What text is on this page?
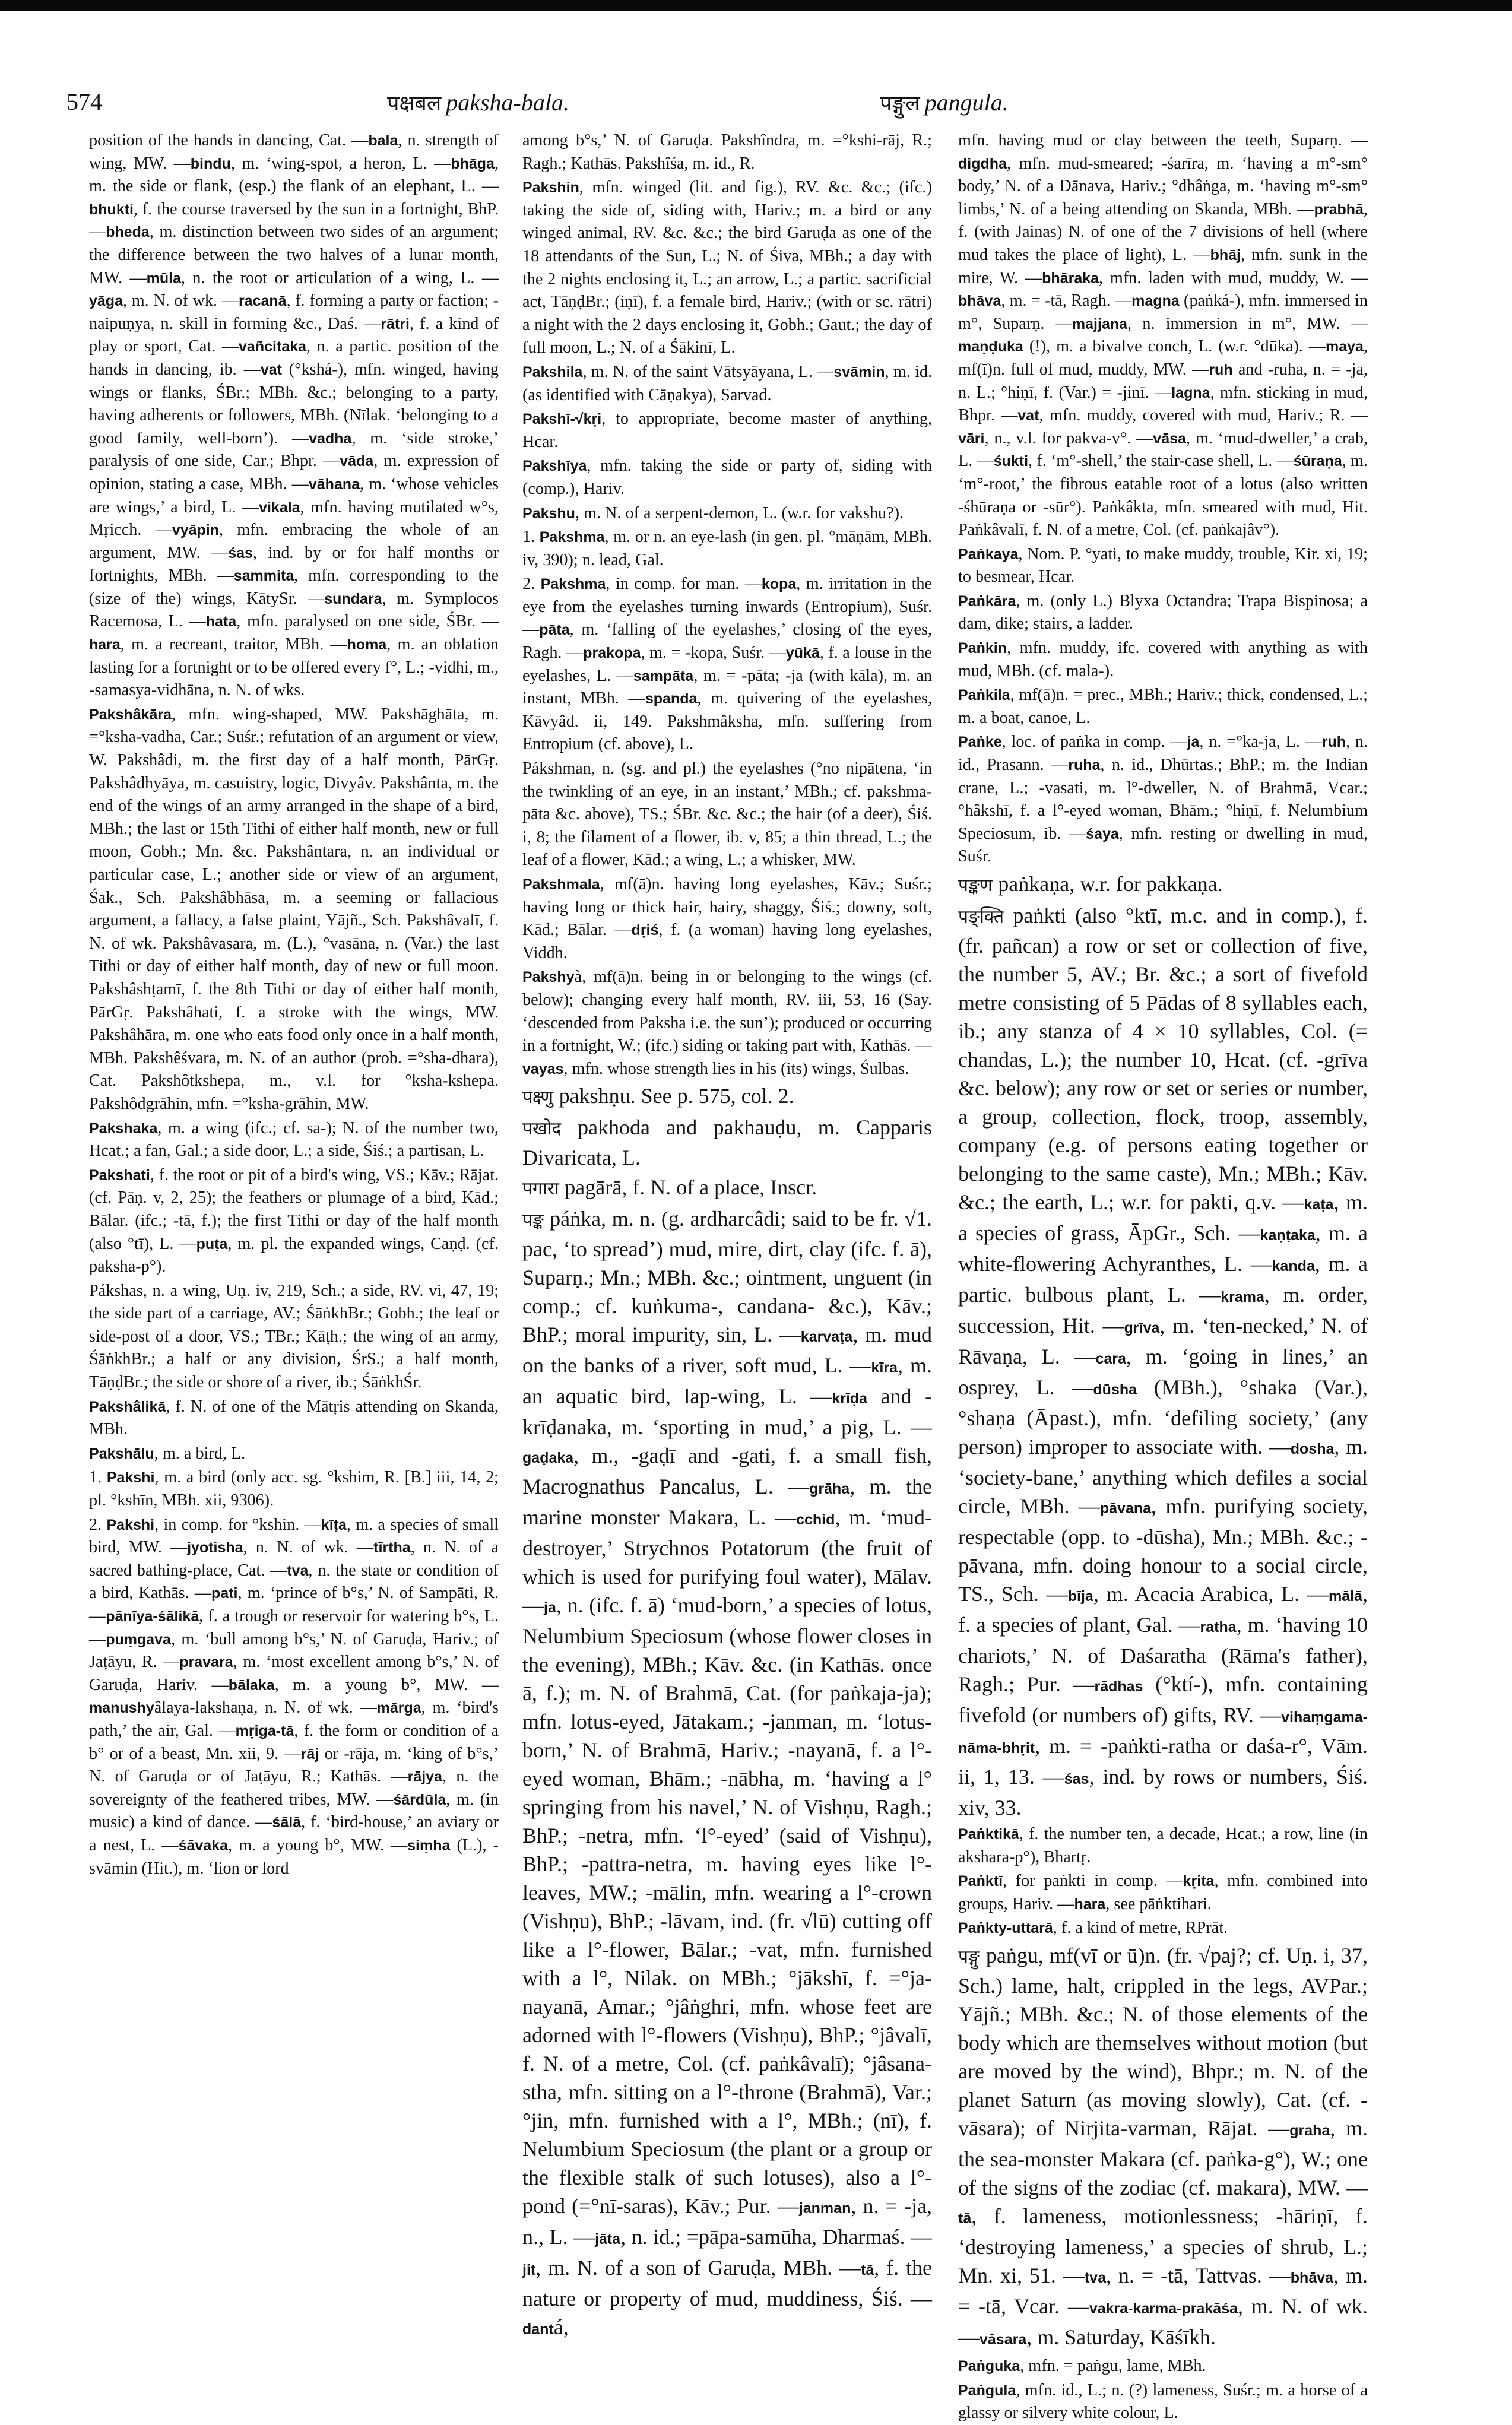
574	पक्षबल paksha-bala.	पङ्गुल pangula.

position of the hands in dancing, Cat. —bala, n. strength of wing, MW. —bindu, m. ‘wing-spot, a heron, L. —bhāga, m. the side or flank, (esp.) the flank of an elephant, L. —bhukti, f. the course traversed by the sun in a fortnight, BhP. —bheda, m. distinction between two sides of an argument; the difference between the two halves of a lunar month, MW. —mūla, n. the root or articulation of a wing, L. —yāga, m. N. of wk. —racanā, f. forming a party or faction; -naipuṇya, n. skill in forming &c., Daś. —rātri, f. a kind of play or sport, Cat. —vañcitaka, n. a partic. position of the hands in dancing, ib. —vat (°kshá-), mfn. winged, having wings or flanks, ŚBr.; MBh. &c.; belonging to a party, having adherents or followers, MBh. (Nīlak. ‘belonging to a good family, well-born’). —vadha, m. ‘side stroke,’ paralysis of one side, Car.; Bhpr. —vāda, m. expression of opinion, stating a case, MBh. —vāhana, m. ‘whose vehicles are wings,’ a bird, L. —vikala, mfn. having mutilated w°s, Mṛicch. —vyāpin, mfn. embracing the whole of an argument, MW. —śas, ind. by or for half months or fortnights, MBh. —sammita, mfn. corresponding to the (size of the) wings, KātySr. —sundara, m. Symplocos Racemosa, L. —hata, mfn. paralysed on one side, ŚBr. —hara, m. a recreant, traitor, MBh. —homa, m. an oblation lasting for a fortnight or to be offered every f°, L.; -vidhi, m., -samasya-vidhāna, n. N. of wks.

Pakshâkāra, mfn. wing-shaped, MW. Pakshāghāta, m. =°ksha-vadha, Car.; Suśr.; refutation of an argument or view, W. Pakshâdi, m. the first day of a half month, PārGṛ. Pakshâdhyāya, m. casuistry, logic, Divyâv. Pakshânta, m. the end of the wings of an army arranged in the shape of a bird, MBh.; the last or 15th Tithi of either half month, new or full moon, Gobh.; Mn. &c. Pakshântara, n. an individual or particular case, L.; another side or view of an argument, Śak., Sch. Pakshâbhāsa, m. a seeming or fallacious argument, a fallacy, a false plaint, Yājñ., Sch. Pakshâvalī, f. N. of wk. Pakshâvasara, m. (L.), °vasāna, n. (Var.) the last Tithi or day of either half month, day of new or full moon. Pakshâshṭamī, f. the 8th Tithi or day of either half month, PārGṛ. Pakshâhati, f. a stroke with the wings, MW. Pakshâhāra, m. one who eats food only once in a half month, MBh. Pakshêśvara, m. N. of an author (prob. =°sha-dhara), Cat. Pakshôtkshepa, m., v.l. for °ksha-kshepa. Pakshôdgrāhin, mfn. =°ksha-grāhin, MW.

Pakshaka, m. a wing (ifc.; cf. sa-); N. of the number two, Hcat.; a fan, Gal.; a side door, L.; a side, Śiś.; a partisan, L.

Pakshati, f. the root or pit of a bird's wing, VS.; Kāv.; Rājat. (cf. Pāṇ. v, 2, 25); the feathers or plumage of a bird, Kād.; Bālar. (ifc.; -tā, f.); the first Tithi or day of the half month (also °tī), L. —puṭa, m. pl. the expanded wings, Caṇḍ. (cf. paksha-p°).

Pákshas, n. a wing, Uṇ. iv, 219, Sch.; a side, RV. vi, 47, 19; the side part of a carriage, AV.; ŚāṅkhBr.; Gobh.; the leaf or side-post of a door, VS.; TBr.; Kāṭh.; the wing of an army, ŚāṅkhBr.; a half or any division, ŚrS.; a half month, TāṇḍBr.; the side or shore of a river, ib.; ŚāṅkhŚr.

Pakshâlikā, f. N. of one of the Mātṛis attending on Skanda, MBh.

Pakshālu, m. a bird, L.

1. Pakshi, m. a bird (only acc. sg. °kshim, R. [B.] iii, 14, 2; pl. °kshīn, MBh. xii, 9306).

2. Pakshi, in comp. for °kshin. —kīṭa, m. a species of small bird, MW. —jyotisha, n. N. of wk. —tīrtha, n. N. of a sacred bathing-place, Cat. —tva, n. the state or condition of a bird, Kathās. —pati, m. ‘prince of b°s,’ N. of Sampāti, R. —pānīya-śālikā, f. a trough or reservoir for watering b°s, L. —puṃgava, m. ‘bull among b°s,’ N. of Garuḍa, Hariv.; of Jaṭāyu, R. —pravara, m. ‘most excellent among b°s,’ N. of Garuḍa, Hariv. —bālaka, m. a young b°, MW. —manushyâlaya-lakshaṇa, n. N. of wk. —mārga, m. ‘bird's path,’ the air, Gal. —mṛiga-tā, f. the form or condition of a b° or of a beast, Mn. xii, 9. —rāj or -rāja, m. ‘king of b°s,’ N. of Garuḍa or of Jaṭāyu, R.; Kathās. —rājya, n. the sovereignty of the feathered tribes, MW. —śārdūla, m. (in music) a kind of dance. —śālā, f. ‘bird-house,’ an aviary or a nest, L. —śāvaka, m. a young b°, MW. —siṃha (L.), -svāmin (Hit.), m. ‘lion or lord

among b°s,’ N. of Garuḍa. Pakshîndra, m. =°kshi-rāj, R.; Ragh.; Kathās. Pakshîśa, m. id., R.

Pakshin, mfn. winged (lit. and fig.), RV. &c. &c.; (ifc.) taking the side of, siding with, Hariv.; m. a bird or any winged animal, RV. &c. &c.; the bird Garuḍa as one of the 18 attendants of the Sun, L.; N. of Śiva, MBh.; a day with the 2 nights enclosing it, L.; an arrow, L.; a partic. sacrificial act, TāṇḍBr.; (iṇī), f. a female bird, Hariv.; (with or sc. rātri) a night with the 2 days enclosing it, Gobh.; Gaut.; the day of full moon, L.; N. of a Śākinī, L.

Pakshila, m. N. of the saint Vātsyāyana, L. —svāmin, m. id. (as identified with Cāṇakya), Sarvad.

Pakshī-√kṛi, to appropriate, become master of anything, Hcar.

Pakshīya, mfn. taking the side or party of, siding with (comp.), Hariv.

Pakshu, m. N. of a serpent-demon, L. (w.r. for vakshu?).

1. Pakshma, m. or n. an eye-lash (in gen. pl. °māṇām, MBh. iv, 390); n. lead, Gal.

2. Pakshma, in comp. for man. —kopa, m. irritation in the eye from the eyelashes turning inwards (Entropium), Suśr. —pāta, m. ‘falling of the eyelashes,’ closing of the eyes, Ragh. —prakopa, m. = -kopa, Suśr. —yūkā, f. a louse in the eyelashes, L. —sampāta, m. = -pāta; -ja (with kāla), m. an instant, MBh. —spanda, m. quivering of the eyelashes, Kāvyâd. ii, 149. Pakshmâksha, mfn. suffering from Entropium (cf. above), L.

Pákshman, n. (sg. and pl.) the eyelashes (°no nipātena, ‘in the twinkling of an eye, in an instant,’ MBh.; cf. pakshma-pāta &c. above), TS.; ŚBr. &c. &c.; the hair (of a deer), Śiś. i, 8; the filament of a flower, ib. v, 85; a thin thread, L.; the leaf of a flower, Kād.; a wing, L.; a whisker, MW.

Pakshmala, mf(ā)n. having long eyelashes, Kāv.; Suśr.; having long or thick hair, hairy, shaggy, Śiś.; downy, soft, Kād.; Bālar. —dṛiś, f. (a woman) having long eyelashes, Viddh.

Pakshyà, mf(ā)n. being in or belonging to the wings (cf. below); changing every half month, RV. iii, 53, 16 (Say. ‘descended from Paksha i.e. the sun’); produced or occurring in a fortnight, W.; (ifc.) siding or taking part with, Kathās. —vayas, mfn. whose strength lies in his (its) wings, Śulbas.

पक्ष्णु pakshṇu. See p. 575, col. 2.

पखोद pakhoda and pakhauḍu, m. Capparis Divaricata, L.

पगारा pagārā, f. N. of a place, Inscr.

पङ्क páṅka, m. n. (g. ardharcâdi; said to be fr. √1. pac, ‘to spread’) mud, mire, dirt, clay (ifc. f. ā), Suparṇ.; Mn.; MBh. &c.; ointment, unguent (in comp.; cf. kuṅkuma-, candana- &c.), Kāv.; BhP.; moral impurity, sin, L. —karvaṭa, m. mud on the banks of a river, soft mud, L. —kīra, m. an aquatic bird, lap-wing, L. —krīḍa and -krīḍanaka, m. ‘sporting in mud,’ a pig, L. —gaḍaka, m., -gaḍī and -gati, f. a small fish, Macrognathus Pancalus, L. —grāha, m. the marine monster Makara, L. —cchid, m. ‘mud-destroyer,’ Strychnos Potatorum (the fruit of which is used for purifying foul water), Mālav. —ja, n. (ifc. f. ā) ‘mud-born,’ a species of lotus, Nelumbium Speciosum (whose flower closes in the evening), MBh.; Kāv. &c. (in Kathās. once ā, f.); m. N. of Brahmā, Cat. (for paṅkaja-ja); mfn. lotus-eyed, Jātakam.; -janman, m. ‘lotus-born,’ N. of Brahmā, Hariv.; -nayanā, f. a l°-eyed woman, Bhām.; -nābha, m. ‘having a l° springing from his navel,’ N. of Vishṇu, Ragh.; BhP.; -netra, mfn. ‘l°-eyed’ (said of Vishṇu), BhP.; -pattra-netra, m. having eyes like l°-leaves, MW.; -mālin, mfn. wearing a l°-crown (Vishṇu), BhP.; -lāvam, ind. (fr. √lū) cutting off like a l°-flower, Bālar.; -vat, mfn. furnished with a l°, Nilak. on MBh.; °jākshī, f. =°ja-nayanā, Amar.; °jâṅghri, mfn. whose feet are adorned with l°-flowers (Vishṇu), BhP.; °jâvalī, f. N. of a metre, Col. (cf. paṅkâvalī); °jâsana-stha, mfn. sitting on a l°-throne (Brahmā), Var.; °jin, mfn. furnished with a l°, MBh.; (nī), f. Nelumbium Speciosum (the plant or a group or the flexible stalk of such lotuses), also a l°-pond (=°nī-saras), Kāv.; Pur. —janman, n. = -ja, n., L. —jāta, n. id.; =pāpa-samūha, Dharmaś. —jit, m. N. of a son of Garuḍa, MBh. —tā, f. the nature or property of mud, muddiness, Śiś. —dantá,

mfn. having mud or clay between the teeth, Suparṇ. —digdha, mfn. mud-smeared; -śarīra, m. ‘having a m°-sm° body,’ N. of a Dānava, Hariv.; °dhâṅga, m. ‘having m°-sm° limbs,’ N. of a being attending on Skanda, MBh. —prabhā, f. (with Jainas) N. of one of the 7 divisions of hell (where mud takes the place of light), L. —bhāj, mfn. sunk in the mire, W. —bhāraka, mfn. laden with mud, muddy, W. —bhāva, m. = -tā, Ragh. —magna (paṅká-), mfn. immersed in m°, Suparṇ. —majjana, n. immersion in m°, MW. —maṇḍuka (!), m. a bivalve conch, L. (w.r. °dūka). —maya, mf(ī)n. full of mud, muddy, MW. —ruh and -ruha, n. = -ja, n. L.; °hiṇī, f. (Var.) = -jinī. —lagna, mfn. sticking in mud, Bhpr. —vat, mfn. muddy, covered with mud, Hariv.; R. —vāri, n., v.l. for pakva-v°. —vāsa, m. ‘mud-dweller,’ a crab, L. —śukti, f. ‘m°-shell,’ the stair-case shell, L. —śūraṇa, m. ‘m°-root,’ the fibrous eatable root of a lotus (also written -śhūraṇa or -sūr°). Paṅkâkta, mfn. smeared with mud, Hit. Paṅkâvalī, f. N. of a metre, Col. (cf. paṅkajâv°).

Paṅkaya, Nom. P. °yati, to make muddy, trouble, Kir. xi, 19; to besmear, Hcar.

Paṅkāra, m. (only L.) Blyxa Octandra; Trapa Bispinosa; a dam, dike; stairs, a ladder.

Paṅkin, mfn. muddy, ifc. covered with anything as with mud, MBh. (cf. mala-).

Paṅkila, mf(ā)n. = prec., MBh.; Hariv.; thick, condensed, L.; m. a boat, canoe, L.

Paṅke, loc. of paṅka in comp. —ja, n. =°ka-ja, L. —ruh, n. id., Prasann. —ruha, n. id., Dhūrtas.; BhP.; m. the Indian crane, L.; -vasati, m. l°-dweller, N. of Brahmā, Vcar.; °hâkshī, f. a l°-eyed woman, Bhām.; °hiṇī, f. Nelumbium Speciosum, ib. —śaya, mfn. resting or dwelling in mud, Suśr.

पङ्कण paṅkaṇa, w.r. for pakkaṇa.

पङ्क्ति paṅkti (also °ktī, m.c. and in comp.), f. (fr. pañcan) a row or set or collection of five, the number 5, AV.; Br. &c.; a sort of fivefold metre consisting of 5 Pādas of 8 syllables each, ib.; any stanza of 4 × 10 syllables, Col. (= chandas, L.); the number 10, Hcat. (cf. -grīva &c. below); any row or set or series or number, a group, collection, flock, troop, assembly, company (e.g. of persons eating together or belonging to the same caste), Mn.; MBh.; Kāv. &c.; the earth, L.; w.r. for pakti, q.v. —kaṭa, m. a species of grass, ĀpGr., Sch. —kaṇṭaka, m. a white-flowering Achyranthes, L. —kanda, m. a partic. bulbous plant, L. —krama, m. order, succession, Hit. —grīva, m. ‘ten-necked,’ N. of Rāvaṇa, L. —cara, m. ‘going in lines,’ an osprey, L. —dūsha (MBh.), °shaka (Var.), °shaṇa (Āpast.), mfn. ‘defiling society,’ (any person) improper to associate with. —dosha, m. ‘society-bane,’ anything which defiles a social circle, MBh. —pāvana, mfn. purifying society, respectable (opp. to -dūsha), Mn.; MBh. &c.; -pāvana, mfn. doing honour to a social circle, TS., Sch. —bīja, m. Acacia Arabica, L. —mālā, f. a species of plant, Gal. —ratha, m. ‘having 10 chariots,’ N. of Daśaratha (Rāma's father), Ragh.; Pur. —rādhas (°ktí-), mfn. containing fivefold (or numbers of) gifts, RV. —vihaṃgama-nāma-bhṛit, m. = -paṅkti-ratha or daśa-r°, Vām. ii, 1, 13. —śas, ind. by rows or numbers, Śiś. xiv, 33.

Paṅktikā, f. the number ten, a decade, Hcat.; a row, line (in akshara-p°), Bhartṛ.

Paṅktī, for paṅkti in comp. —kṛita, mfn. combined into groups, Hariv. —hara, see pāṅktihari.

Paṅkty-uttarā, f. a kind of metre, RPrāt.

पङ्गु paṅgu, mf(vī or ū)n. (fr. √paj?; cf. Uṇ. i, 37, Sch.) lame, halt, crippled in the legs, AVPar.; Yājñ.; MBh. &c.; N. of those elements of the body which are themselves without motion (but are moved by the wind), Bhpr.; m. N. of the planet Saturn (as moving slowly), Cat. (cf. -vāsara); of Nirjita-varman, Rājat. —graha, m. the sea-monster Makara (cf. paṅka-g°), W.; one of the signs of the zodiac (cf. makara), MW. —tā, f. lameness, motionlessness; -hāriṇī, f. ‘destroying lameness,’ a species of shrub, L.; Mn. xi, 51. —tva, n. = -tā, Tattvas. —bhāva, m. = -tā, Vcar. —vakra-karma-prakāśa, m. N. of wk. —vāsara, m. Saturday, Kāśīkh.

Paṅguka, mfn. = paṅgu, lame, MBh.

Paṅgula, mfn. id., L.; n. (?) lameness, Suśr.; m. a horse of a glassy or silvery white colour, L.
